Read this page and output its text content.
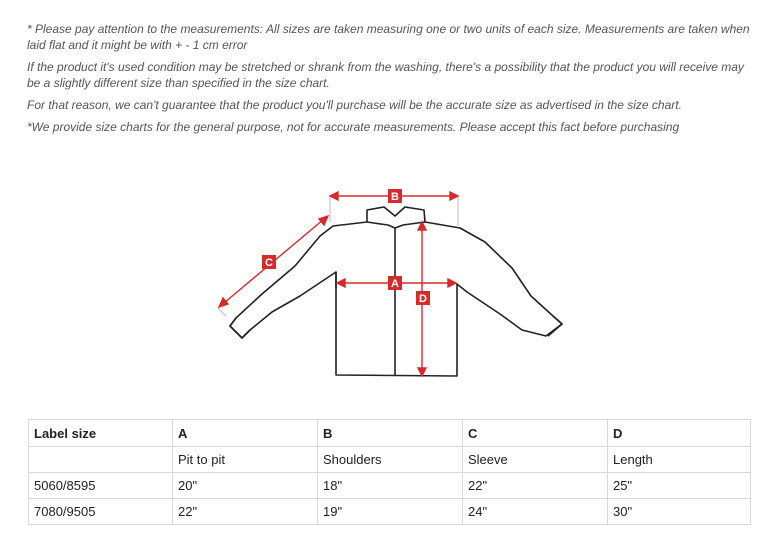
* Please pay attention to the measurements: All sizes are taken measuring one or two units of each size. Measurements are taken when laid flat and it might be with + - 1 cm error

If the product it's used condition may be stretched or shrank from the washing, there's a possibility that the product you will receive may be a slightly different size than specified in the size chart.

For that reason, we can't guarantee that the product you'll purchase will be the accurate size as advertised in the size chart.

*We provide size charts for the general purpose, not for accurate measurements. Please accept this fact before purchasing

B
A
C
D
Label size	A	B	C	D
	Pit to pit	Shoulders	Sleeve	Length
5060/8595	20"	18"	22"	25"
7080/9505	22"	19"	24"	30"
